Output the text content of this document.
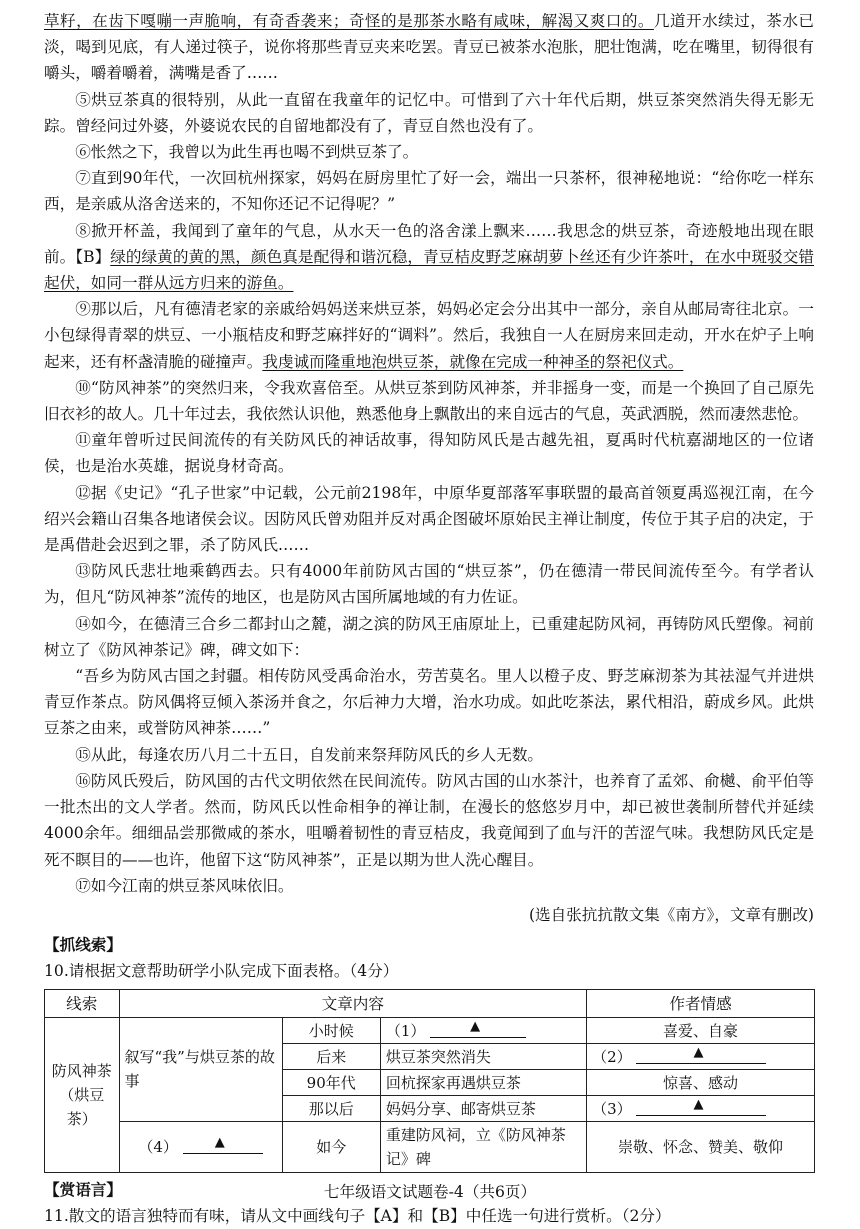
草籽，在齿下嘎嘣一声脆响，有奇香袭来；奇怪的是那茶水略有咸味，解渴又爽口的。几道开水续过，茶水已淡，喝到见底，有人递过筷子，说你将那些青豆夹来吃罢。青豆已被茶水泡胀，肥壮饱满，吃在嘴里，韧得很有嚼头，嚼着嚼着，满嘴是香了……

⑤烘豆茶真的很特别，从此一直留在我童年的记忆中。可惜到了六十年代后期，烘豆茶突然消失得无影无踪。曾经问过外婆，外婆说农民的自留地都没有了，青豆自然也没有了。

⑥怅然之下，我曾以为此生再也喝不到烘豆茶了。

⑦直到90年代，一次回杭州探家，妈妈在厨房里忙了好一会，端出一只茶杯，很神秘地说：“给你吃一样东西，是亲戚从洛舍送来的，不知你还记不记得呢？”

⑧掀开杯盖，我闻到了童年的气息，从水天一色的洛舍漾上飘来……我思念的烘豆茶，奇迹般地出现在眼前。【B】绿的绿黄的黄的黑，颜色真是配得和谐沉稳，青豆桔皮野芝麻胡萝卜丝还有少许茶叶，在水中斑驳交错起伏，如同一群从远方归来的游鱼。

⑨那以后，凡有德清老家的亲戚给妈妈送来烘豆茶，妈妈必定会分出其中一部分，亲自从邮局寄往北京。一小包绿得青翠的烘豆、一小瓶桔皮和野芝麻拌好的“调料”。然后，我独自一人在厨房来回走动，开水在炉子上响起来，还有杯盏清脆的碰撞声。我虔诚而隆重地泡烘豆茶，就像在完成一种神圣的祭祀仪式。

⑩“防风神茶”的突然归来，令我欢喜倍至。从烘豆茶到防风神茶，并非摇身一变，而是一个换回了自己原先旧衣衫的故人。几十年过去，我依然认识他，熟悉他身上飘散出的来自远古的气息，英武洒脱，然而凄然悲怆。

⑪童年曾听过民间流传的有关防风氏的神话故事，得知防风氏是古越先祖，夏禹时代杭嘉湖地区的一位诸侯，也是治水英雄，据说身材奇高。

⑫据《史记》“孔子世家”中记载，公元前2198年，中原华夏部落军事联盟的最高首领夏禹巡视江南，在今绍兴会籍山召集各地诸侯会议。因防风氏曾劝阻并反对禹企图破坏原始民主禅让制度，传位于其子启的决定，于是禹借赴会迟到之罪，杀了防风氏……

⑬防风氏悲壮地乘鹤西去。只有4000年前防风古国的“烘豆茶”，仍在德清一带民间流传至今。有学者认为，但凡“防风神茶”流传的地区，也是防风古国所属地域的有力佐证。

⑭如今，在德清三合乡二都封山之麓，湖之滨的防风王庙原址上，已重建起防风祠，再铸防风氏塑像。祠前树立了《防风神茶记》碑，碑文如下：

“吾乡为防风古国之封疆。相传防风受禹命治水，劳苦莫名。里人以橙子皮、野芝麻沏茶为其祛湿气并进烘青豆作茶点。防风偶将豆倾入茶汤并食之，尔后神力大增，治水功成。如此吃茶法，累代相沿，蔚成乡风。此烘豆茶之由来，或誉防风神茶……”

⑮从此，每逢农历八月二十五日，自发前来祭拜防风氏的乡人无数。

⑯防风氏殁后，防风国的古代文明依然在民间流传。防风古国的山水茶汁，也养育了孟郊、俞樾、俞平伯等一批杰出的文人学者。然而，防风氏以性命相争的禅让制，在漫长的悠悠岁月中，却已被世袭制所替代并延续4000余年。细细品尝那微咸的茶水，咀嚼着韧性的青豆桔皮，我竟闻到了血与汗的苦涩气味。我想防风氏定是死不瞑目的——也许，他留下这“防风神茶”，正是以期为世人洗心醒目。

⑰如今江南的烘豆茶风味依旧。

(选自张抗抗散文集《南方》，文章有删改)

【抓线索】

10.请根据文意帮助研学小队完成下面表格。（4分）

线索	文章内容			作者情感
防风神茶（烘豆茶）	叙写“我”与烘豆茶的故事	小时候	（1） ▲	喜爱、自豪
		后来	烘豆茶突然消失	（2） ▲

		90年代	回杭探家再遇烘豆茶	惊喜、感动
		那以后	妈妈分享、邮寄烘豆茶	（3） ▲

	（4） ▲	如今	重建防风祠，立《防风神茶记》碑	崇敬、怀念、赞美、敬仰

【赏语言】

11.散文的语言独特而有味，请从文中画线句子【A】和【B】中任选一句进行赏析。（2分）

七年级语文试题卷-4（共6页）
